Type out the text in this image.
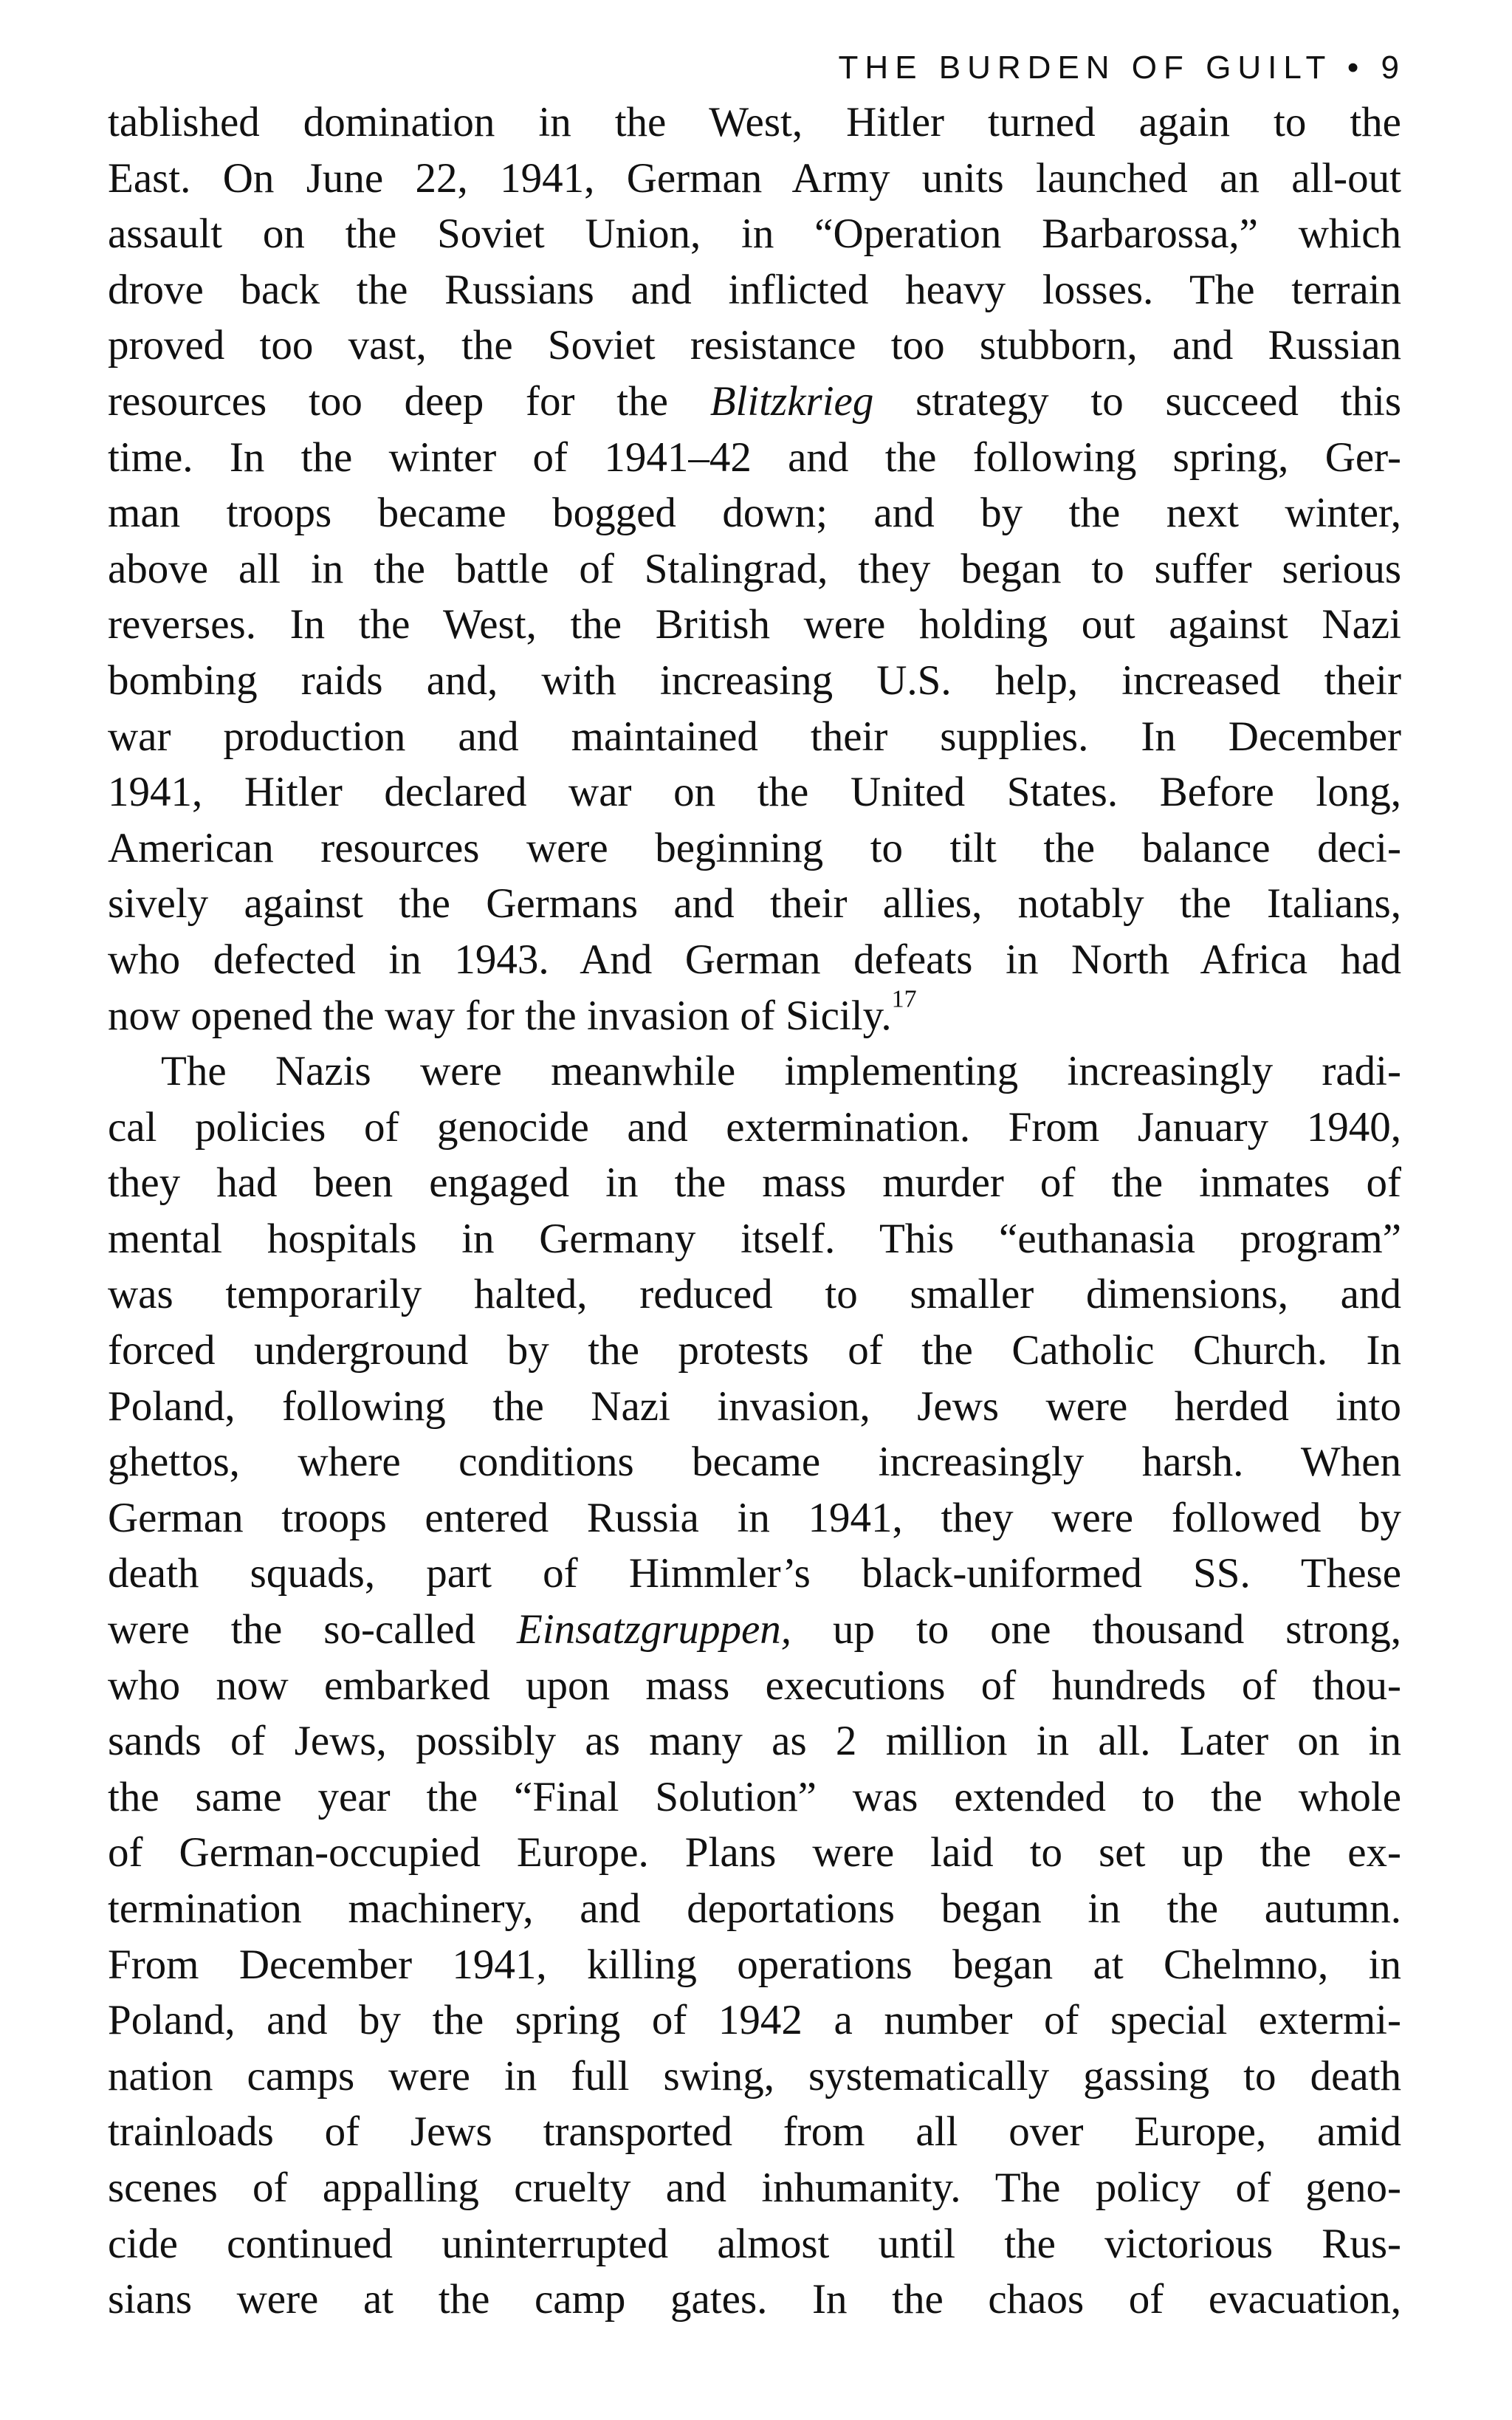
THE BURDEN OF GUILT • 9
tablished domination in the West, Hitler turned again to the
East. On June 22, 1941, German Army units launched an all-out
assault on the Soviet Union, in “Operation Barbarossa,” which
drove back the Russians and inflicted heavy losses. The terrain
proved too vast, the Soviet resistance too stubborn, and Russian
resources too deep for the Blitzkrieg strategy to succeed this
time. In the winter of 1941–42 and the following spring, Ger-
man troops became bogged down; and by the next winter,
above all in the battle of Stalingrad, they began to suffer serious
reverses. In the West, the British were holding out against Nazi
bombing raids and, with increasing U.S. help, increased their
war production and maintained their supplies. In December
1941, Hitler declared war on the United States. Before long,
American resources were beginning to tilt the balance deci-
sively against the Germans and their allies, notably the Italians,
who defected in 1943. And German defeats in North Africa had
now opened the way for the invasion of Sicily.$^{17}$
The Nazis were meanwhile implementing increasingly radi-
cal policies of genocide and extermination. From January 1940,
they had been engaged in the mass murder of the inmates of
mental hospitals in Germany itself. This “euthanasia program”
was temporarily halted, reduced to smaller dimensions, and
forced underground by the protests of the Catholic Church. In
Poland, following the Nazi invasion, Jews were herded into
ghettos, where conditions became increasingly harsh. When
German troops entered Russia in 1941, they were followed by
death squads, part of Himmler’s black-uniformed SS. These
were the so-called Einsatzgruppen, up to one thousand strong,
who now embarked upon mass executions of hundreds of thou-
sands of Jews, possibly as many as 2 million in all. Later on in
the same year the “Final Solution” was extended to the whole
of German-occupied Europe. Plans were laid to set up the ex-
termination machinery, and deportations began in the autumn.
From December 1941, killing operations began at Chelmno, in
Poland, and by the spring of 1942 a number of special extermi-
nation camps were in full swing, systematically gassing to death
trainloads of Jews transported from all over Europe, amid
scenes of appalling cruelty and inhumanity. The policy of geno-
cide continued uninterrupted almost until the victorious Rus-
sians were at the camp gates. In the chaos of evacuation,
